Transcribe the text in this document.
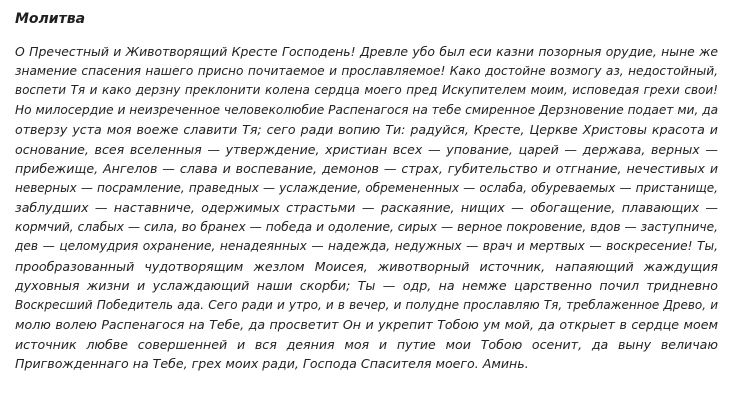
Молитва
О Пречестный и Животворящий Кресте Господень! Древле убо был еси казни позорныя орудие, ныне же
знамение спасения нашего присно почитаемое и прославляемое! Како достойне возмогу аз, недостойный,
воспети Тя и како дерзну преклонити колена сердца моего пред Искупителем моим, исповедая грехи свои!
Но милосердие и неизреченное человеколюбие Распенагося на тебе смиренное Дерзновение подает ми, да
отверзу уста моя воеже славити Тя; сего ради вопию Ти: радуйся, Кресте, Церкве Христовы красота и
основание, всея вселенныя — утверждение, христиан всех — упование, царей — держава, верных —
прибежище, Ангелов — слава и воспевание, демонов — страх, губительство и отгнание, нечестивых и
неверных — посрамление, праведных — услаждение, обремененных — ослаба, обуреваемых — пристанище,
заблудших — наставниче, одержимых страстьми — раскаяние, нищих — обогащение, плавающих —
кормчий, слабых — сила, во бранех — победа и одоление, сирых — верное покровение, вдов — заступниче,
дев — целомудрия охранение, ненадеянных — надежда, недужных — врач и мертвых — воскресение! Ты,
прообразованный чудотворящим жезлом Моисея, животворный источник, напаяющий жаждущия
духовныя жизни и услаждающий наши скорби; Ты — одр, на немже царственно почил тридневно
Воскресший Победитель ада. Сего ради и утро, и в вечер, и полудне прославляю Тя, треблаженное Древо, и
молю волею Распенагося на Тебе, да просветит Он и укрепит Тобою ум мой, да открыет в сердце моем
источник любве совершенней и вся деяния моя и путие мои Тобою осенит, да выну величаю
Пригвожденнаго на Тебе, грех моих ради, Господа Спасителя моего. Аминь.
